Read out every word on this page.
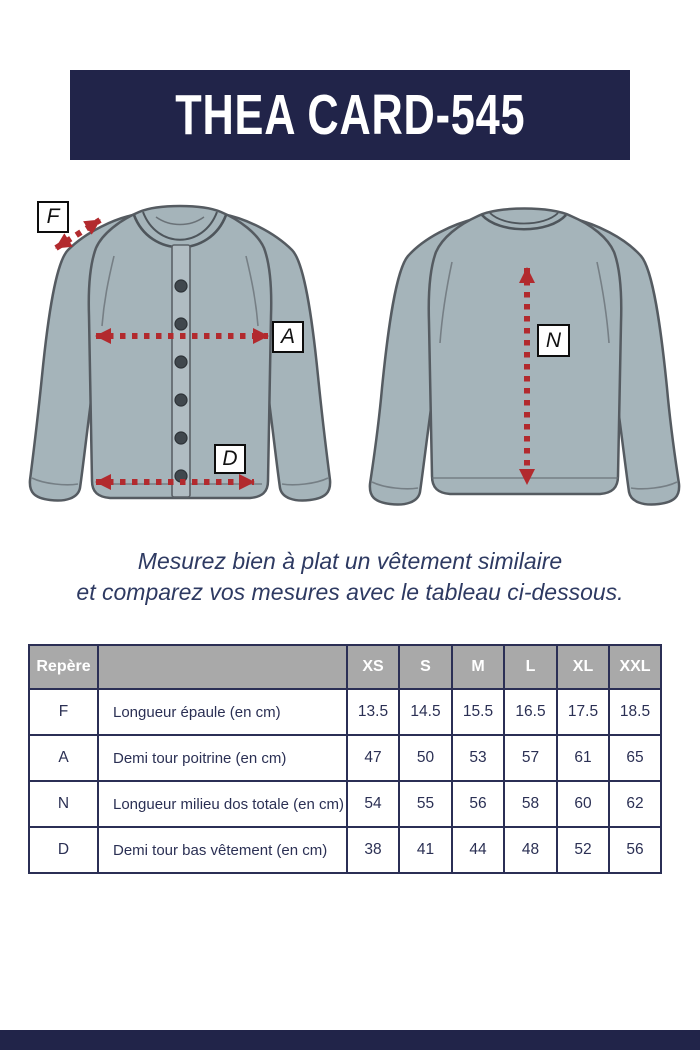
THEA CARD-545
F
A
D
N
Mesurez bien à plat un vêtement similaire
et comparez vos mesures avec le tableau ci-dessous.
Repère		XS	S	M	L	XL	XXL
F	Longueur épaule (en cm)	13.5	14.5	15.5	16.5	17.5	18.5
A	Demi tour poitrine (en cm)	47	50	53	57	61	65
N	Longueur milieu dos totale (en cm)	54	55	56	58	60	62
D	Demi tour bas vêtement (en cm)	38	41	44	48	52	56
